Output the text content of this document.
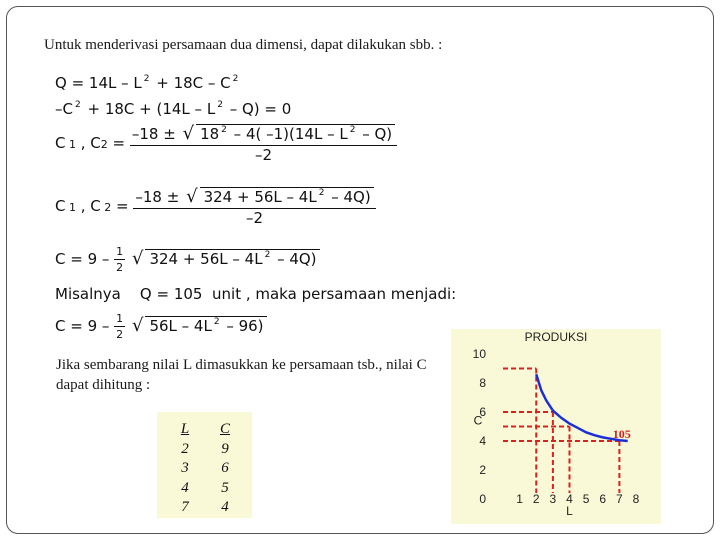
Untuk menderivasi persamaan dua dimensi, dapat dilakukan sbb. :
Q = 14L – L $^2$ + 18C – C $^2$
–C $^2$ + 18C + (14L – L $^2$ – Q) = 0
C 1 , $C2 = \frac{-18 \pm √ 18 ^2 - 4( -1)(14L - L ^2 - Q)}{-2}$
C 1 , C $2 = \frac{-18 \pm √ 324 + 56L - 4L ^2 - 4Q)}{-2}$
$C = 9 - \frac{1}{2}$ √ 324 + 56L – 4L $^2$ – 4Q)
Misalnya    Q = 105  unit , maka persamaan menjadi:
$C = 9 - \frac{1}{2}$ √ 56L – 4L $^2$ – 96)
Jika sembarang nilai L dimasukkan ke persamaan tsb., nilai C dapat dihitung :
L
2
3
4
7
C
9
6
5
4
PRODUKSI
0
2
4
6
8
10
C
1 2 3 4 5 6 7 8
L
105
